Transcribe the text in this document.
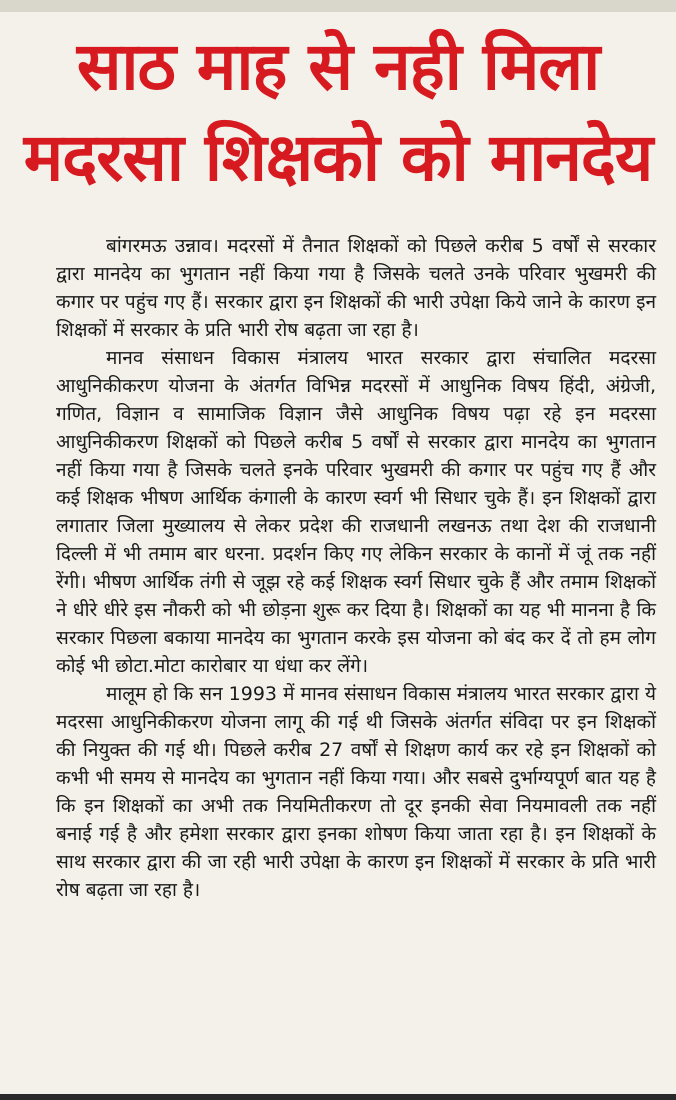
साठ माह से नही मिला
मदरसा शिक्षको को मानदेय

बांगरमऊ उन्नाव। मदरसों में तैनात शिक्षकों को पिछले करीब 5 वर्षों से सरकार द्वारा मानदेय का भुगतान नहीं किया गया है जिसके चलते उनके परिवार भुखमरी की कगार पर पहुंच गए हैं। सरकार द्वारा इन शिक्षकों की भारी उपेक्षा किये जाने के कारण इन शिक्षकों में सरकार के प्रति भारी रोष बढ़ता जा रहा है।

मानव संसाधन विकास मंत्रालय भारत सरकार द्वारा संचालित मदरसा आधुनिकीकरण योजना के अंतर्गत विभिन्न मदरसों में आधुनिक विषय हिंदी, अंग्रेजी, गणित, विज्ञान व सामाजिक विज्ञान जैसे आधुनिक विषय पढ़ा रहे इन मदरसा आधुनिकीकरण शिक्षकों को पिछले करीब 5 वर्षों से सरकार द्वारा मानदेय का भुगतान नहीं किया गया है जिसके चलते इनके परिवार भुखमरी की कगार पर पहुंच गए हैं और कई शिक्षक भीषण आर्थिक कंगाली के कारण स्वर्ग भी सिधार चुके हैं। इन शिक्षकों द्वारा लगातार जिला मुख्यालय से लेकर प्रदेश की राजधानी लखनऊ तथा देश की राजधानी दिल्ली में भी तमाम बार धरना. प्रदर्शन किए गए लेकिन सरकार के कानों में जूं तक नहीं रेंगी। भीषण आर्थिक तंगी से जूझ रहे कई शिक्षक स्वर्ग सिधार चुके हैं और तमाम शिक्षकों ने धीरे धीरे इस नौकरी को भी छोड़ना शुरू कर दिया है। शिक्षकों का यह भी मानना है कि सरकार पिछला बकाया मानदेय का भुगतान करके इस योजना को बंद कर दें तो हम लोग कोई भी छोटा.मोटा कारोबार या धंधा कर लेंगे।

मालूम हो कि सन 1993 में मानव संसाधन विकास मंत्रालय भारत सरकार द्वारा ये मदरसा आधुनिकीकरण योजना लागू की गई थी जिसके अंतर्गत संविदा पर इन शिक्षकों की नियुक्त की गई थी। पिछले करीब 27 वर्षों से शिक्षण कार्य कर रहे इन शिक्षकों को कभी भी समय से मानदेय का भुगतान नहीं किया गया। और सबसे दुर्भाग्यपूर्ण बात यह है कि इन शिक्षकों का अभी तक नियमितीकरण तो दूर इनकी सेवा नियमावली तक नहीं बनाई गई है और हमेशा सरकार द्वारा इनका शोषण किया जाता रहा है। इन शिक्षकों के साथ सरकार द्वारा की जा रही भारी उपेक्षा के कारण इन शिक्षकों में सरकार के प्रति भारी रोष बढ़ता जा रहा है।
